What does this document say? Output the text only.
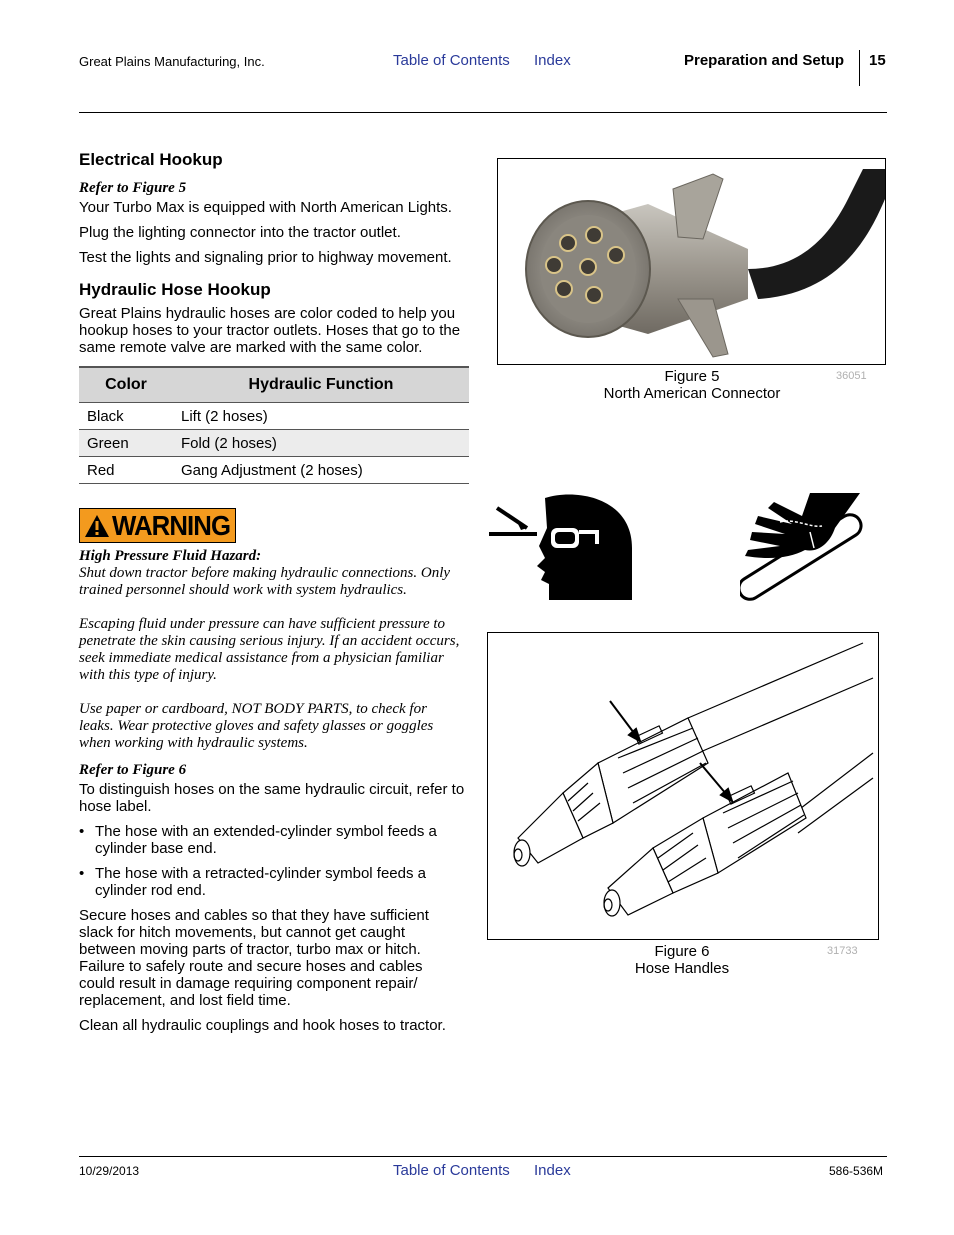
Great Plains Manufacturing, Inc.	Table of Contents Index	Preparation and Setup 15
Electrical Hookup

Refer to Figure 5

Your Turbo Max is equipped with North American Lights.

Plug the lighting connector into the tractor outlet.

Test the lights and signaling prior to highway movement.

Hydraulic Hose Hookup

Great Plains hydraulic hoses are color coded to help you hookup hoses to your tractor outlets. Hoses that go to the same remote valve are marked with the same color.

Color	Hydraulic Function
Black	Lift (2 hoses)
Green	Fold (2 hoses)
Red	Gang Adjustment (2 hoses)
WARNING

High Pressure Fluid Hazard:

Shut down tractor before making hydraulic connections. Only trained personnel should work with system hydraulics.

Escaping fluid under pressure can have sufficient pressure to penetrate the skin causing serious injury. If an accident occurs, seek immediate medical assistance from a physician familiar with this type of injury.

Use paper or cardboard, NOT BODY PARTS, to check for leaks. Wear protective gloves and safety glasses or goggles when working with hydraulic systems.

Refer to Figure 6

To distinguish hoses on the same hydraulic circuit, refer to hose label.

• The hose with an extended-cylinder symbol feeds a cylinder base end.
• The hose with a retracted-cylinder symbol feeds a cylinder rod end.

Secure hoses and cables so that they have sufficient slack for hitch movements, but cannot get caught between moving parts of tractor, turbo max or hitch. Failure to safely route and secure hoses and cables could result in damage requiring component repair/ replacement, and lost field time.

Clean all hydraulic couplings and hook hoses to tractor.

Figure 5
North American Connector
36051
Figure 6
Hose Handles
31733
10/29/2013	Table of Contents Index	586-536M
